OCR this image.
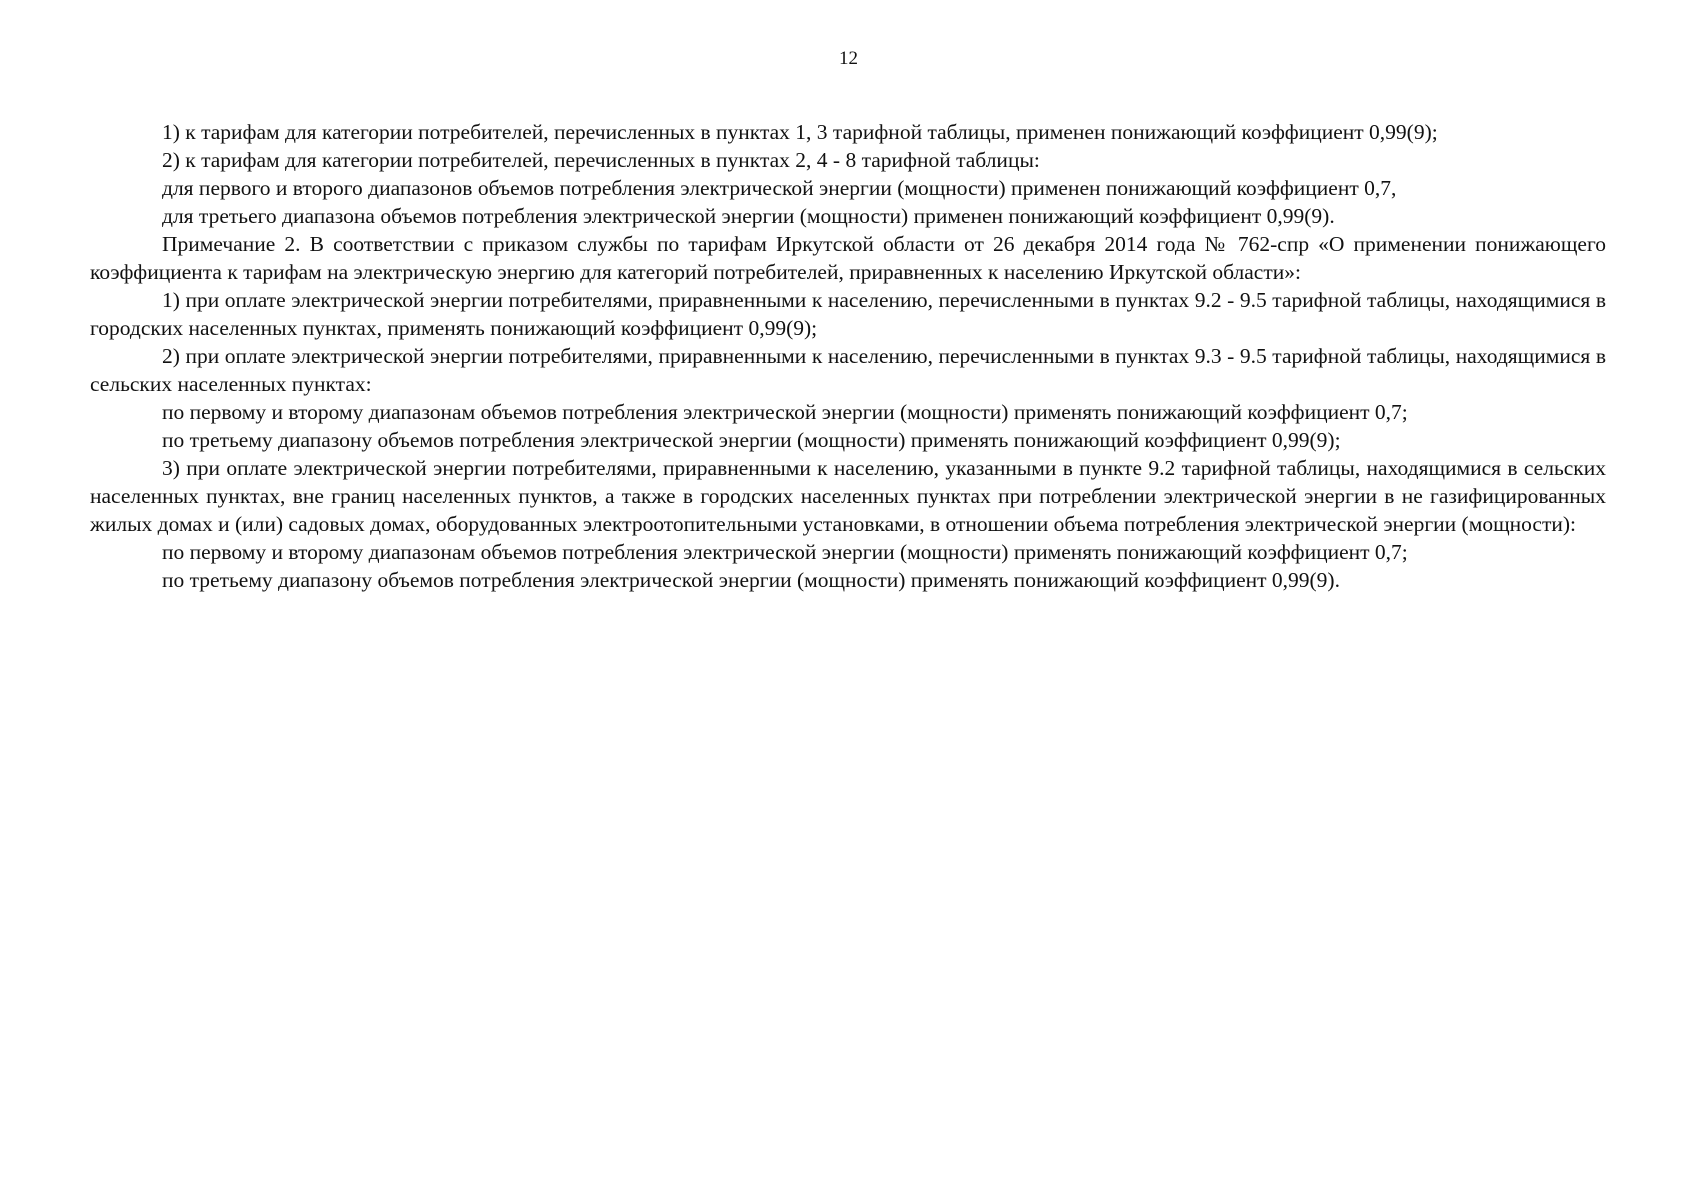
12

1) к тарифам для категории потребителей, перечисленных в пунктах 1, 3 тарифной таблицы, применен понижающий коэффициент 0,99(9);

2) к тарифам для категории потребителей, перечисленных в пунктах 2, 4 - 8 тарифной таблицы:

для первого и второго диапазонов объемов потребления электрической энергии (мощности) применен понижающий коэффициент 0,7,

для третьего диапазона объемов потребления электрической энергии (мощности) применен понижающий коэффициент 0,99(9).

Примечание 2. В соответствии с приказом службы по тарифам Иркутской области от 26 декабря 2014 года № 762-спр «О применении понижающего коэффициента к тарифам на электрическую энергию для категорий потребителей, приравненных к населению Иркутской области»:

1) при оплате электрической энергии потребителями, приравненными к населению, перечисленными в пунктах 9.2 - 9.5 тарифной таблицы, находящимися в городских населенных пунктах, применять понижающий коэффициент 0,99(9);

2) при оплате электрической энергии потребителями, приравненными к населению, перечисленными в пунктах 9.3 - 9.5 тарифной таблицы, находящимися в сельских населенных пунктах:

по первому и второму диапазонам объемов потребления электрической энергии (мощности) применять понижающий коэффициент 0,7;

по третьему диапазону объемов потребления электрической энергии (мощности) применять понижающий коэффициент 0,99(9);

3) при оплате электрической энергии потребителями, приравненными к населению, указанными в пункте 9.2 тарифной таблицы, находящимися в сельских населенных пунктах, вне границ населенных пунктов, а также в городских населенных пунктах при потреблении электрической энергии в не газифицированных жилых домах и (или) садовых домах, оборудованных электроотопительными установками, в отношении объема потребления электрической энергии (мощности):

по первому и второму диапазонам объемов потребления электрической энергии (мощности) применять понижающий коэффициент 0,7;

по третьему диапазону объемов потребления электрической энергии (мощности) применять понижающий коэффициент 0,99(9).
